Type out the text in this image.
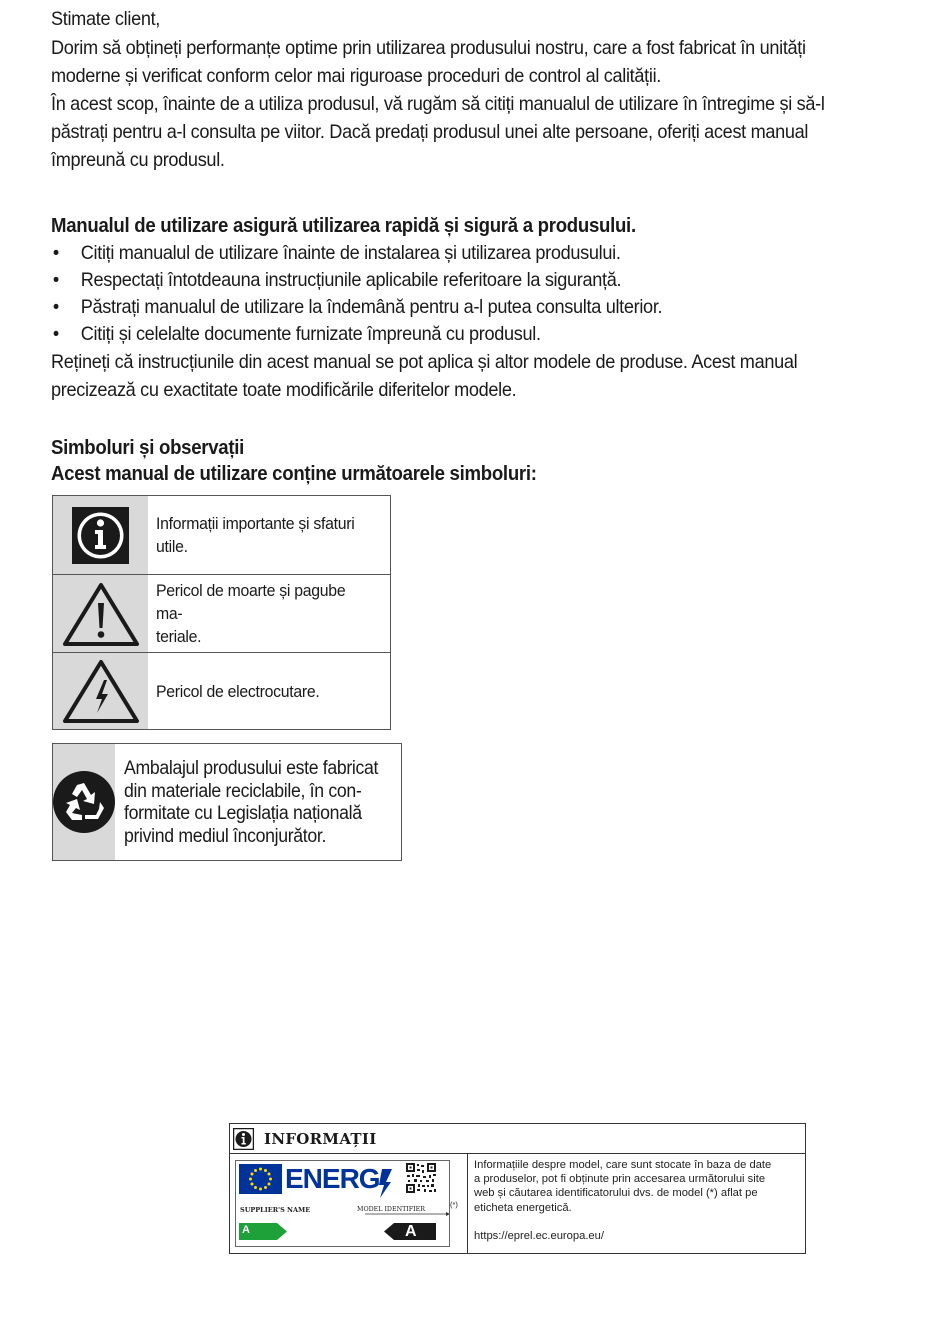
Stimate client,

Dorim să obțineți performanțe optime prin utilizarea produsului nostru, care a fost fabricat în unități

moderne și verificat conform celor mai riguroase proceduri de control al calității.

În acest scop, înainte de a utiliza produsul, vă rugăm să citiți manualul de utilizare în întregime și să-l

păstrați pentru a-l consulta pe viitor. Dacă predați produsul unei alte persoane, oferiți acest manual

împreună cu produsul.

Manualul de utilizare asigură utilizarea rapidă și sigură a produsului.

• Citiți manualul de utilizare înainte de instalarea și utilizarea produsului.
• Respectați întotdeauna instrucțiunile aplicabile referitoare la siguranță.
• Păstrați manualul de utilizare la îndemână pentru a-l putea consulta ulterior.
• Citiți și celelalte documente furnizate împreună cu produsul.

Rețineți că instrucțiunile din acest manual se pot aplica și altor modele de produse. Acest manual

precizează cu exactitate toate modificările diferitelor modele.

Simboluri și observații

Acest manual de utilizare conține următoarele simboluri:

Informații importante și sfaturi utile.
Pericol de moarte și pagube ma-
teriale.
Pericol de electrocutare.
Ambalajul produsului este fabricat
din materiale reciclabile, în con-
formitate cu Legislația națională
privind mediul înconjurător.
INFORMAȚII
ENERG
SUPPLIER'S NAME	MODEL IDENTIFIER
A	A
(*)
Informațiile despre model, care sunt stocate în baza de date
a produselor, pot fi obținute prin accesarea următorului site
web și căutarea identificatorului dvs. de model (*) aflat pe
eticheta energetică.
https://eprel.ec.europa.eu/
